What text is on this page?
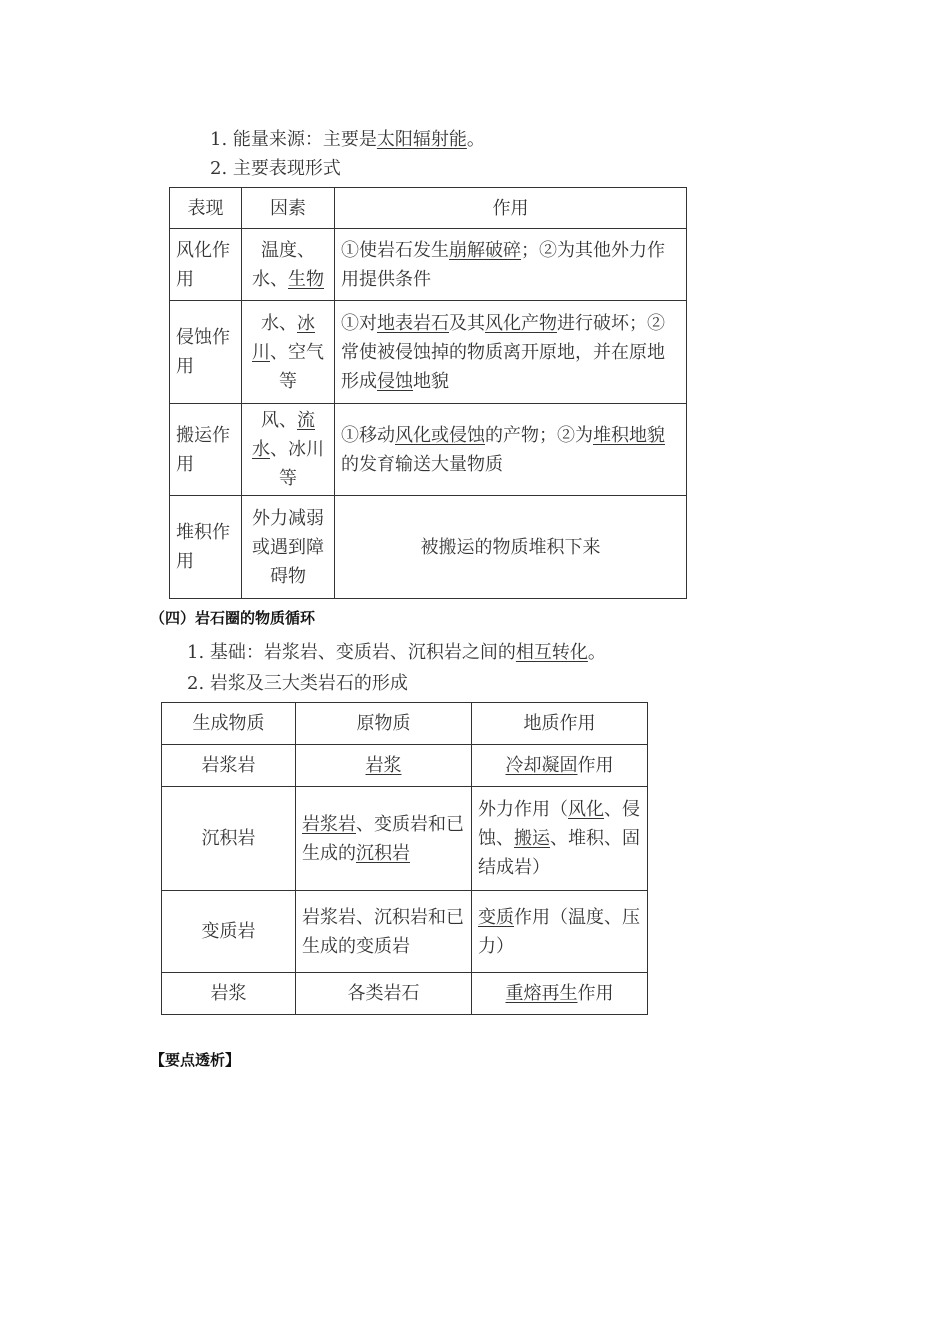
1. 能量来源：主要是太阳辐射能。
2. 主要表现形式
表现	因素	作用
风化作用	温度、水、生物	①使岩石发生崩解破碎；②为其他外力作用提供条件
侵蚀作用	水、冰川、空气等	①对地表岩石及其风化产物进行破坏；②常使被侵蚀掉的物质离开原地，并在原地形成侵蚀地貌
搬运作用	风、流水、冰川等	①移动风化或侵蚀的产物；②为堆积地貌的发育输送大量物质
堆积作用	外力减弱或遇到障碍物	被搬运的物质堆积下来
（四）岩石圈的物质循环
1. 基础：岩浆岩、变质岩、沉积岩之间的相互转化。
2. 岩浆及三大类岩石的形成
生成物质	原物质	地质作用
岩浆岩	岩浆	冷却凝固作用
沉积岩	岩浆岩、变质岩和已生成的沉积岩	外力作用（风化、侵蚀、搬运、堆积、固结成岩）
变质岩	岩浆岩、沉积岩和已生成的变质岩	变质作用（温度、压力）
岩浆	各类岩石	重熔再生作用
【要点透析】
